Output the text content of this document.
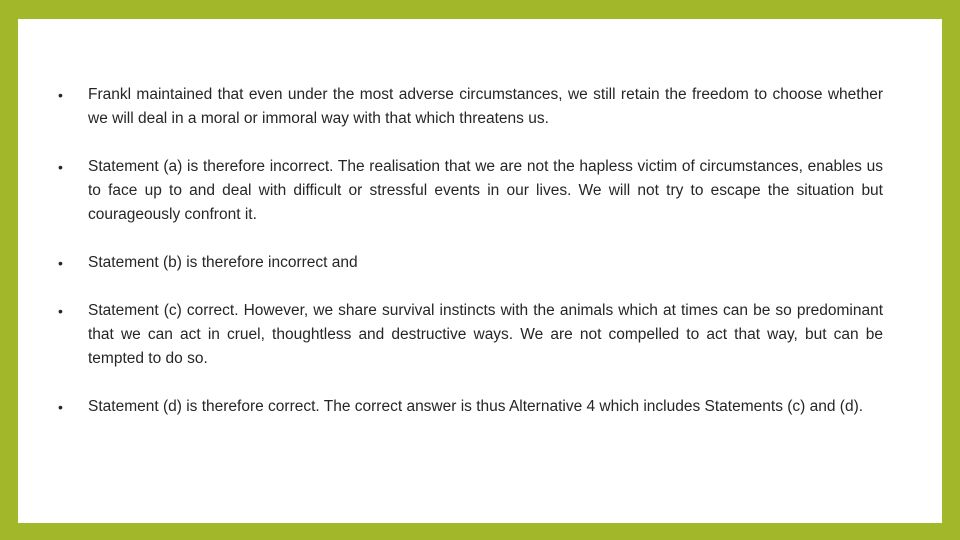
• Frankl maintained that even under the most adverse circumstances, we still retain the freedom to choose whether we will deal in a moral or immoral way with that which threatens us.
• Statement (a) is therefore incorrect. The realisation that we are not the hapless victim of circumstances, enables us to face up to and deal with difficult or stressful events in our lives. We will not try to escape the situation but courageously confront it.
• Statement (b) is therefore incorrect and
• Statement (c) correct. However, we share survival instincts with the animals which at times can be so predominant that we can act in cruel, thoughtless and destructive ways. We are not compelled to act that way, but can be tempted to do so.
• Statement (d) is therefore correct. The correct answer is thus Alternative 4 which includes Statements (c) and (d).
